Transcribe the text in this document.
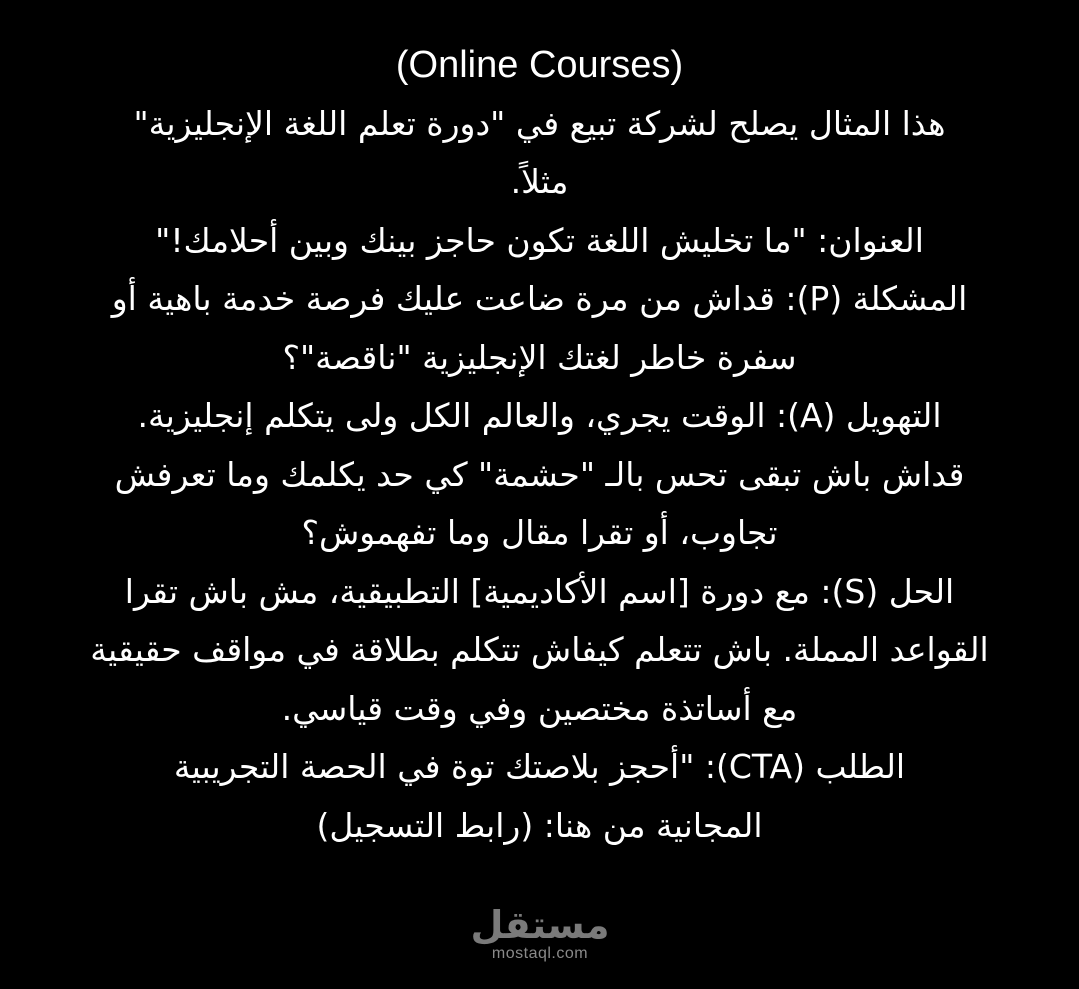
(Online Courses)
هذا المثال يصلح لشركة تبيع في "دورة تعلم اللغة الإنجليزية"
مثلاً.
العنوان: "ما تخليش اللغة تكون حاجز بينك وبين أحلامك!"
المشكلة (P): قداش من مرة ضاعت عليك فرصة خدمة باهية أو
سفرة خاطر لغتك الإنجليزية "ناقصة"؟
التهويل (A): الوقت يجري، والعالم الكل ولى يتكلم إنجليزية.
قداش باش تبقى تحس بالـ "حشمة" كي حد يكلمك وما تعرفش
تجاوب، أو تقرا مقال وما تفهموش؟
الحل (S): مع دورة [اسم الأكاديمية] التطبيقية، مش باش تقرا
القواعد المملة. باش تتعلم كيفاش تتكلم بطلاقة في مواقف حقيقية
مع أساتذة مختصين وفي وقت قياسي.
الطلب (CTA): "أحجز بلاصتك توة في الحصة التجريبية
المجانية من هنا: (رابط التسجيل)
مستقل
mostaql.com
